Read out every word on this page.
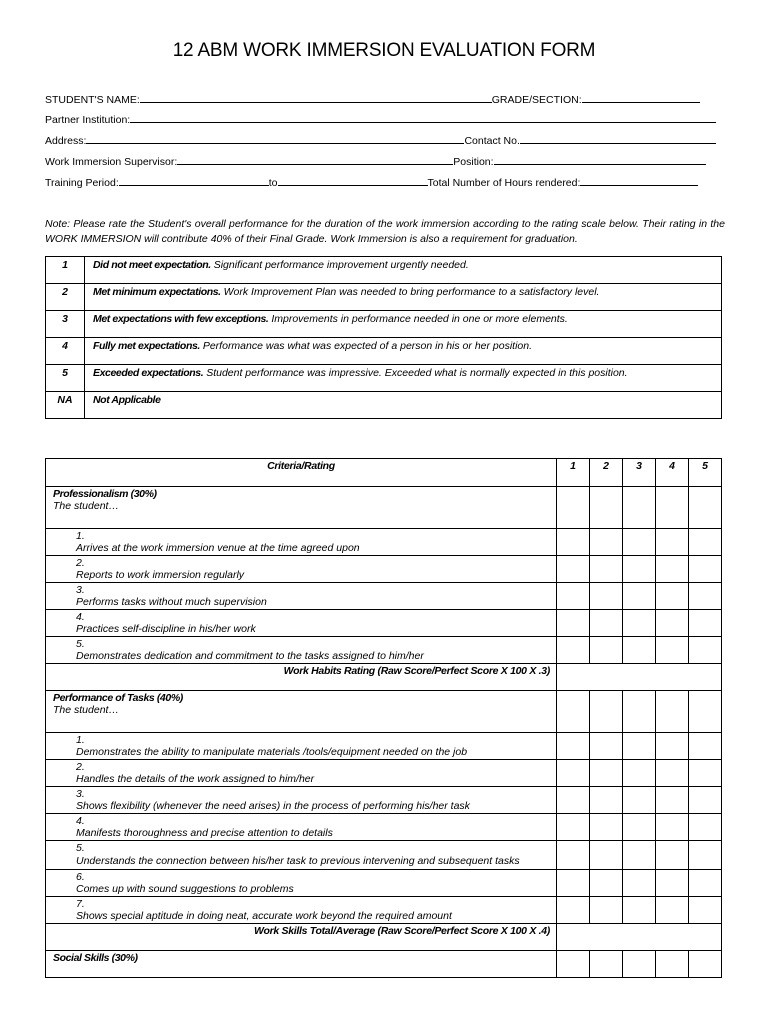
12 ABM WORK IMMERSION EVALUATION FORM
STUDENT'S NAME:	GRADE/SECTION:
Partner Institution:
Address:	Contact No.
Work Immersion Supervisor:	Position:
Training Period:	to	Total Number of Hours rendered:
Note: Please rate the Student's overall performance for the duration of the work immersion according to the rating scale below. Their rating in the WORK IMMERSION will contribute 40% of their Final Grade. Work Immersion is also a requirement for graduation.
1	Did not meet expectation. Significant performance improvement urgently needed.
2	Met minimum expectations. Work Improvement Plan was needed to bring performance to a satisfactory level.
3	Met expectations with few exceptions. Improvements in performance needed in one or more elements.
4	Fully met expectations. Performance was what was expected of a person in his or her position.
5	Exceeded expectations. Student performance was impressive. Exceeded what is normally expected in this position.
NA	Not Applicable
Criteria/Rating	1	2	3	4	5
Professionalism (30%)
The student…					
1.Arrives at the work immersion venue at the time agreed upon					
2.Reports to work immersion regularly					
3.Performs tasks without much supervision					
4.Practices self-discipline in his/her work					
5.Demonstrates dedication and commitment to the tasks assigned to him/her					
Work Habits Rating (Raw Score/Perfect Score X 100 X .3)					
Performance of Tasks (40%)
The student…					
1.Demonstrates the ability to manipulate materials /tools/equipment needed on the job					
2.Handles the details of the work assigned to him/her					
3.Shows flexibility (whenever the need arises) in the process of performing his/her task					
4.Manifests thoroughness and precise attention to details					
5.Understands the connection between his/her task to previous intervening and subsequent tasks					
6.Comes up with sound suggestions to problems					
7.Shows special aptitude in doing neat, accurate work beyond the required amount					
Work Skills Total/Average (Raw Score/Perfect Score X 100 X .4)					
Social Skills (30%)					
